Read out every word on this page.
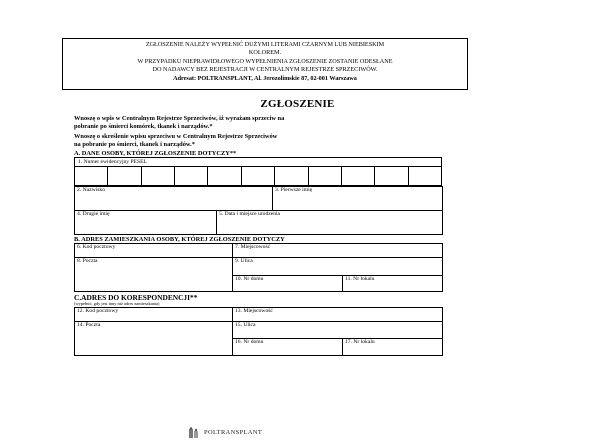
ZGŁOSZENIE NALEŻY WYPEŁNIĆ DUŻYMI LITERAMI CZARNYM LUB NIEBIESKIM
KOLOREM.
W PRZYPADKU NIEPRAWIDŁOWEGO WYPEŁNIENIA ZGŁOSZENIE ZOSTANIE ODESŁANE
DO NADAWCY BEZ REJESTRACJI W CENTRALNYM REJESTRZE SPRZECIWÓW.
Adresat: POLTRANSPLANT, Al. Jerozolimskie 87, 02-001 Warszawa
ZGŁOSZENIE
Wnoszę o wpis w Centralnym Rejestrze Sprzeciwów, iż wyrażam sprzeciw na
pobranie po śmierci komórek, tkanek i narządów.*
Wnoszę o skreślenie wpisu sprzeciwu w Centralnym Rejestrze Sprzeciwów
na pobranie po śmierci, tkanek i narządów.*
A. DANE OSOBY, KTÓREJ ZGŁOSZENIE DOTYCZY**
1. Numer ewidencyjny PESEL
2. Nazwisko		3. Pierwsze imię
4. Drugie imię	5. Data i miejsce urodzenia	
B. ADRES ZAMIESZKANIA OSOBY, KTÓREJ ZGŁOSZENIE DOTYCZY
6. Kod pocztowy	7. Miejscowość	
8. Poczta	9. Ulica	
	10. Nr domu	11. Nr lokalu
C.ADRES DO KORESPONDENCJI**
(wypełnić, gdy jest inny niż adres zamieszkania)
12. Kod pocztowy	13. Miejscowość	
14. Poczta	15. Ulica	
	16. Nr domu	17. Nr lokalu
POLTRANSPLANT
